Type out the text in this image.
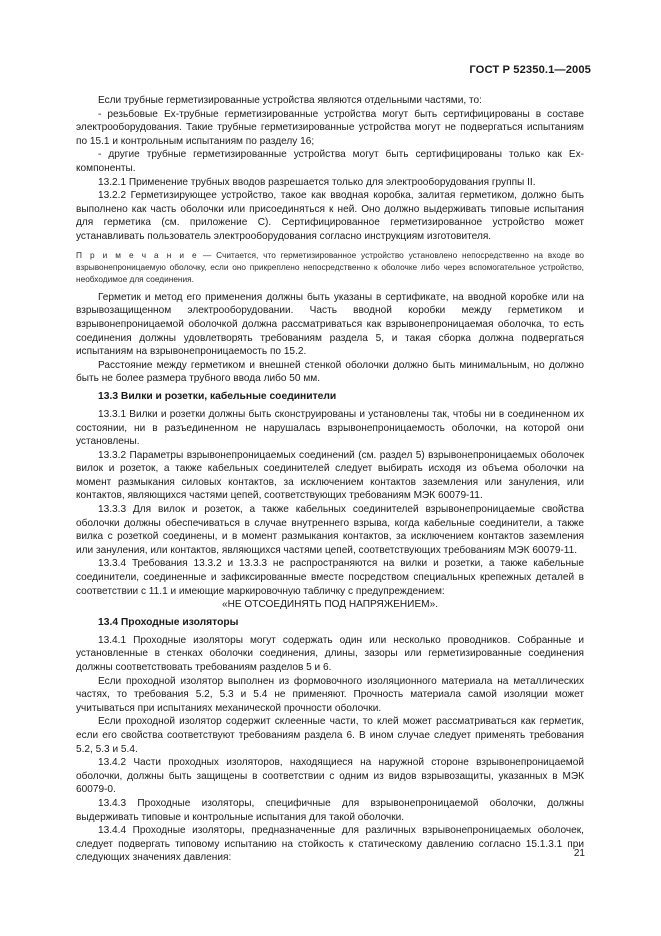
ГОСТ Р 52350.1—2005

Если трубные герметизированные устройства являются отдельными частями, то:

- резьбовые Ех-трубные герметизированные устройства могут быть сертифицированы в составе электрооборудования. Такие трубные герметизированные устройства могут не подвергаться испытаниям по 15.1 и контрольным испытаниям по разделу 16;

- другие трубные герметизированные устройства могут быть сертифицированы только как Ех-компоненты.

13.2.1 Применение трубных вводов разрешается только для электрооборудования группы II.

13.2.2 Герметизирующее устройство, такое как вводная коробка, залитая герметиком, должно быть выполнено как часть оболочки или присоединяться к ней. Оно должно выдерживать типовые испытания для герметика (см. приложение С). Сертифицированное герметизированное устройство может устанавливать пользователь электрооборудования согласно инструкциям изготовителя.

П р и м е ч а н и е — Считается, что герметизированное устройство установлено непосредственно на входе во взрывонепроницаемую оболочку, если оно прикреплено непосредственно к оболочке либо через вспомогательное устройство, необходимое для соединения.

Герметик и метод его применения должны быть указаны в сертификате, на вводной коробке или на взрывозащищенном электрооборудовании. Часть вводной коробки между герметиком и взрывонепроницаемой оболочкой должна рассматриваться как взрывонепроницаемая оболочка, то есть соединения должны удовлетворять требованиям раздела 5, и такая сборка должна подвергаться испытаниям на взрывонепроницаемость по 15.2.

Расстояние между герметиком и внешней стенкой оболочки должно быть минимальным, но должно быть не более размера трубного ввода либо 50 мм.

13.3 Вилки и розетки, кабельные соединители

13.3.1 Вилки и розетки должны быть сконструированы и установлены так, чтобы ни в соединенном их состоянии, ни в разъединенном не нарушалась взрывонепроницаемость оболочки, на которой они установлены.

13.3.2 Параметры взрывонепроницаемых соединений (см. раздел 5) взрывонепроницаемых оболочек вилок и розеток, а также кабельных соединителей следует выбирать исходя из объема оболочки на момент размыкания силовых контактов, за исключением контактов заземления или зануления, или контактов, являющихся частями цепей, соответствующих требованиям МЭК 60079-11.

13.3.3 Для вилок и розеток, а также кабельных соединителей взрывонепроницаемые свойства оболочки должны обеспечиваться в случае внутреннего взрыва, когда кабельные соединители, а также вилка с розеткой соединены, и в момент размыкания контактов, за исключением контактов заземления или зануления, или контактов, являющихся частями цепей, соответствующих требованиям МЭК 60079-11.

13.3.4 Требования 13.3.2 и 13.3.3 не распространяются на вилки и розетки, а также кабельные соединители, соединенные и зафиксированные вместе посредством специальных крепежных деталей в соответствии с 11.1 и имеющие маркировочную табличку с предупреждением:

«НЕ ОТСОЕДИНЯТЬ ПОД НАПРЯЖЕНИЕМ».

13.4 Проходные изоляторы

13.4.1 Проходные изоляторы могут содержать один или несколько проводников. Собранные и установленные в стенках оболочки соединения, длины, зазоры или герметизированные соединения должны соответствовать требованиям разделов 5 и 6.

Если проходной изолятор выполнен из формовочного изоляционного материала на металлических частях, то требования 5.2, 5.3 и 5.4 не применяют. Прочность материала самой изоляции может учитываться при испытаниях механической прочности оболочки.

Если проходной изолятор содержит склеенные части, то клей может рассматриваться как герметик, если его свойства соответствуют требованиям раздела 6. В ином случае следует применять требования 5.2, 5.3 и 5.4.

13.4.2 Части проходных изоляторов, находящиеся на наружной стороне взрывонепроницаемой оболочки, должны быть защищены в соответствии с одним из видов взрывозащиты, указанных в МЭК 60079-0.

13.4.3 Проходные изоляторы, специфичные для взрывонепроницаемой оболочки, должны выдерживать типовые и контрольные испытания для такой оболочки.

13.4.4 Проходные изоляторы, предназначенные для различных взрывонепроницаемых оболочек, следует подвергать типовому испытанию на стойкость к статическому давлению согласно 15.1.3.1 при следующих значениях давления:	21
